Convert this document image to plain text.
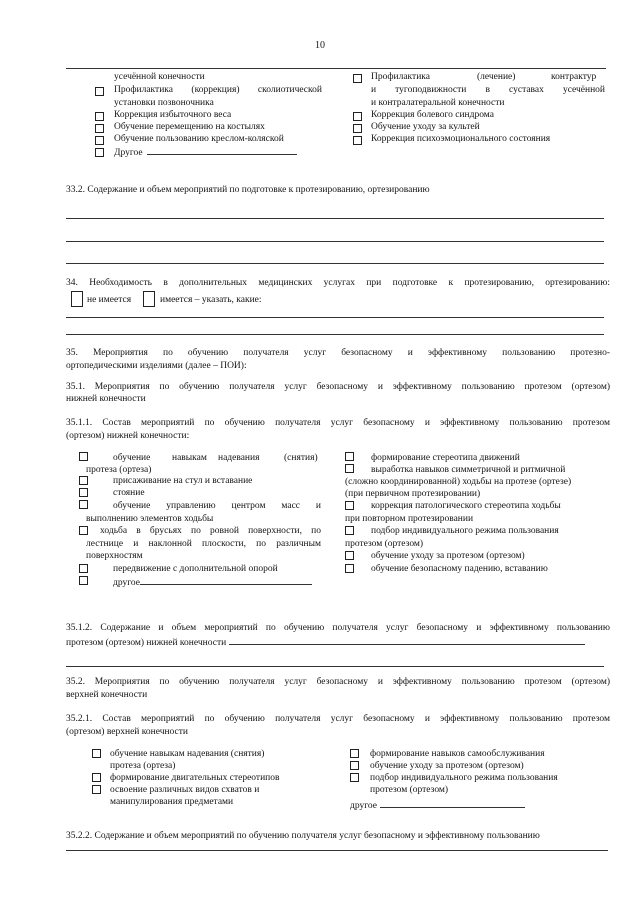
10
усечённой конечности
Профилактика (коррекция) сколиотической
установки позвоночника
Коррекция избыточного веса
Обучение перемещению на костылях
Обучение пользованию креслом-коляской
Другое
Профилактика	(лечение)	контрактур
и тугоподвижности в суставах усечённой
и контралатеральной конечности
Коррекция болевого синдрома
Обучение уходу за культей
Коррекция психоэмоционального состояния
33.2. Содержание и объем мероприятий по подготовке к протезированию, ортезированию
34. Необходимость в дополнительных медицинских услугах при подготовке к протезированию, ортезированию:
не имеется	имеется – указать, какие:
35. Мероприятия по обучению получателя услуг безопасному и эффективному пользованию протезно-
ортопедическими изделиями (далее – ПОИ):
35.1. Мероприятия по обучению получателя услуг безопасному и эффективному пользованию протезом (ортезом)
нижней конечности
35.1.1. Состав мероприятий по обучению получателя услуг безопасному и эффективному пользованию протезом
(ортезом) нижней конечности:
обучение навыкам надевания	(снятия)
протеза (ортеза)
присаживание на стул и вставание
стояние
обучение управлению центром масс и
выполнению элементов ходьбы
ходьба в брусьях по ровной поверхности, по
лестнице и наклонной плоскости, по различным
поверхностям
передвижение с дополнительной опорой
другое
формирование стереотипа движений
выработка навыков симметричной и ритмичной
(сложно координированной) ходьбы на протезе (ортезе)
(при первичном протезировании)
коррекция патологического стереотипа ходьбы
при повторном протезировании
подбор индивидуального режима пользования
протезом (ортезом)
обучение уходу за протезом (ортезом)
обучение безопасному падению, вставанию
35.1.2. Содержание и объем мероприятий по обучению получателя услуг безопасному и эффективному пользованию
протезом (ортезом) нижней конечности
35.2. Мероприятия по обучению получателя услуг безопасному и эффективному пользованию протезом (ортезом)
верхней конечности
35.2.1. Состав мероприятий по обучению получателя услуг безопасному и эффективному пользованию протезом
(ортезом) верхней конечности
обучение навыкам надевания (снятия)
протеза (ортеза)
формирование двигательных стереотипов
освоение различных видов схватов и
манипулирования предметами
формирование навыков самообслуживания
обучение уходу за протезом (ортезом)
подбор индивидуального режима пользования
протезом (ортезом)
другое
35.2.2. Содержание и объем мероприятий по обучению получателя услуг безопасному и эффективному пользованию
